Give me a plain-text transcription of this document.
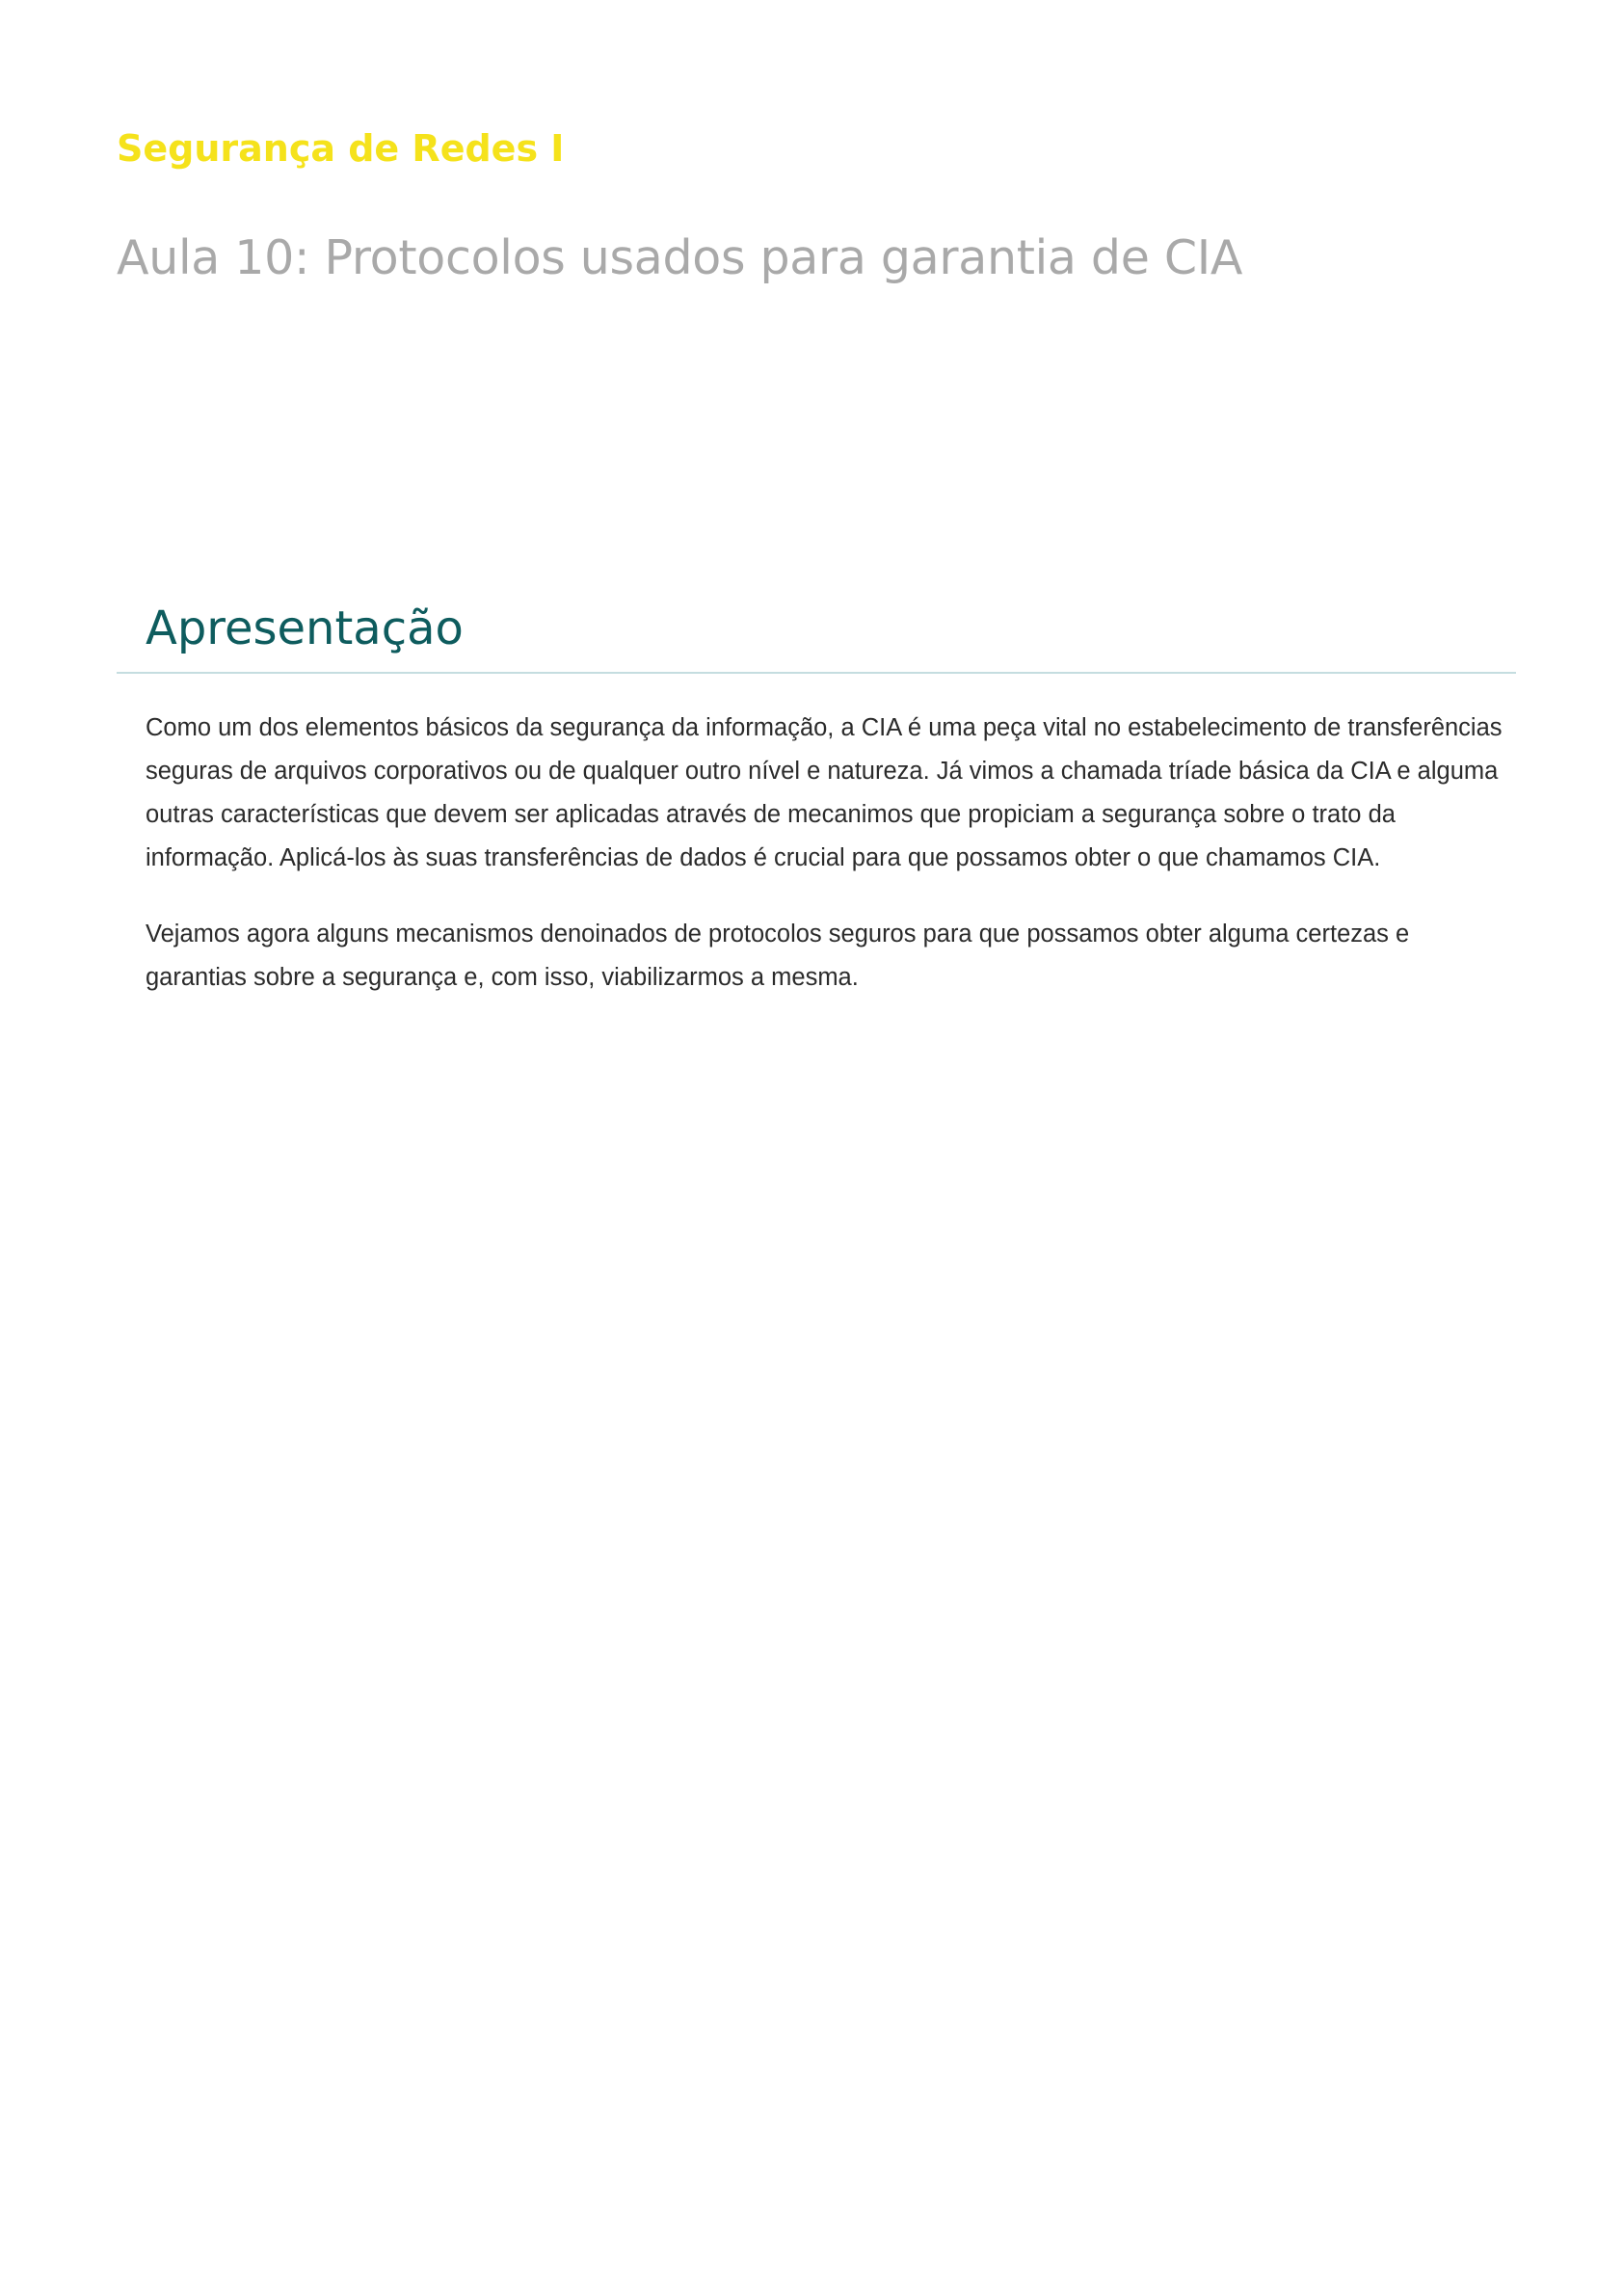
Segurança de Redes I
Aula 10: Protocolos usados para garantia de CIA
Apresentação

Como um dos elementos básicos da segurança da informação, a CIA é uma peça vital no estabelecimento de transferências seguras de arquivos corporativos ou de qualquer outro nível e natureza. Já vimos a chamada tríade básica da CIA e alguma outras características que devem ser aplicadas através de mecanimos que propiciam a segurança sobre o trato da informação. Aplicá-los às suas transferências de dados é crucial para que possamos obter o que chamamos CIA.

Vejamos agora alguns mecanismos denoinados de protocolos seguros para que possamos obter alguma certezas e garantias sobre a segurança e, com isso, viabilizarmos a mesma.
